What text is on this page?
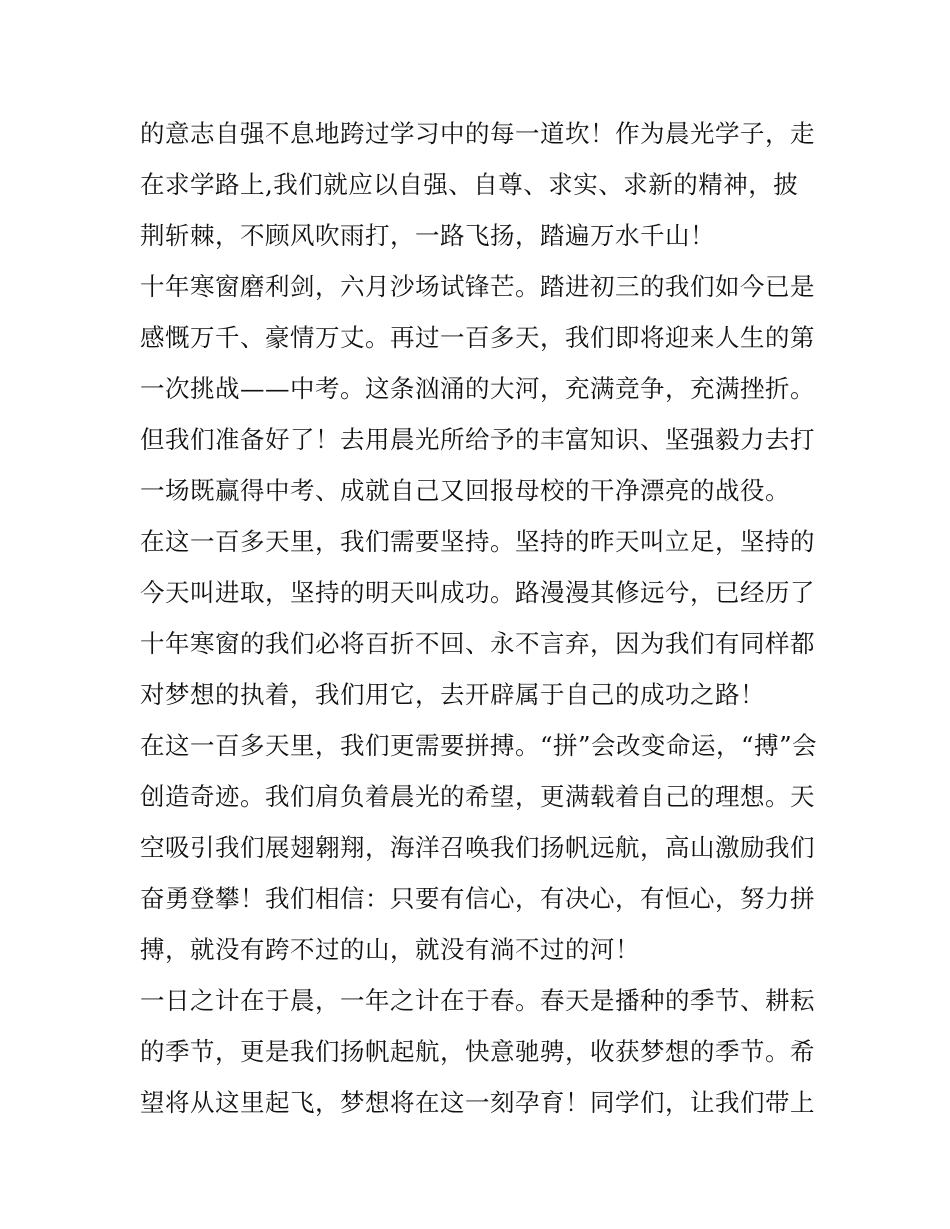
的意志自强不息地跨过学习中的每一道坎！作为晨光学子，走
在求学路上,我们就应以自强、自尊、求实、求新的精神，披
荆斩棘，不顾风吹雨打，一路飞扬，踏遍万水千山！

十年寒窗磨利剑，六月沙场试锋芒。踏进初三的我们如今已是
感慨万千、豪情万丈。再过一百多天，我们即将迎来人生的第
一次挑战——中考。这条汹涌的大河，充满竞争，充满挫折。
但我们准备好了！去用晨光所给予的丰富知识、坚强毅力去打
一场既赢得中考、成就自己又回报母校的干净漂亮的战役。

在这一百多天里，我们需要坚持。坚持的昨天叫立足，坚持的
今天叫进取，坚持的明天叫成功。路漫漫其修远兮，已经历了
十年寒窗的我们必将百折不回、永不言弃，因为我们有同样都
对梦想的执着，我们用它，去开辟属于自己的成功之路！

在这一百多天里，我们更需要拼搏。“拼”会改变命运，“搏”会
创造奇迹。我们肩负着晨光的希望，更满载着自己的理想。天
空吸引我们展翅翱翔，海洋召唤我们扬帆远航，高山激励我们
奋勇登攀！我们相信：只要有信心，有决心，有恒心，努力拼
搏，就没有跨不过的山，就没有淌不过的河！

一日之计在于晨，一年之计在于春。春天是播种的季节、耕耘
的季节，更是我们扬帆起航，快意驰骋，收获梦想的季节。希
望将从这里起飞，梦想将在这一刻孕育！同学们，让我们带上
